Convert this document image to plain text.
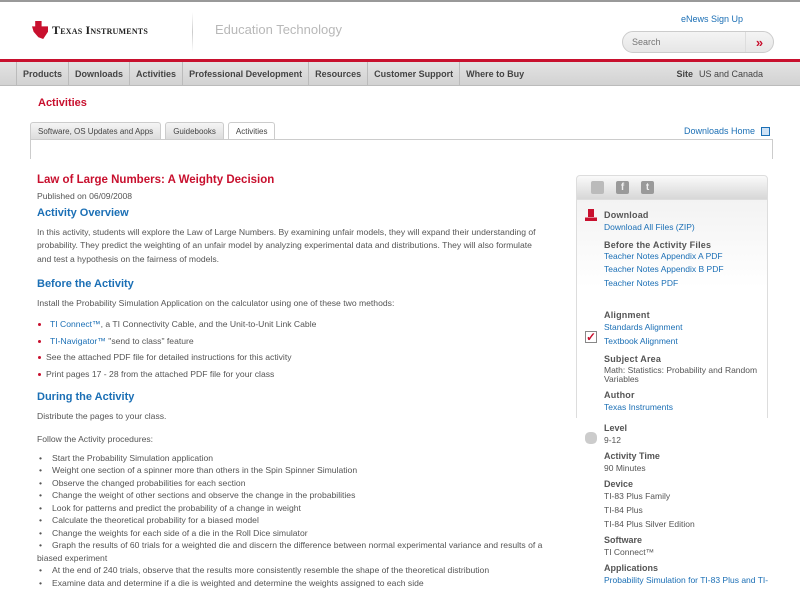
Texas Instruments	Education Technology
eNews Sign Up
Search
»
Products	Downloads	Activities	Professional Development	Resources	Customer Support	Where to Buy	Site US and Canada
Activities
Software, OS Updates and Apps	Guidebooks	Activities	Downloads Home
Law of Large Numbers: A Weighty Decision

Published on 06/09/2008

Activity Overview

In this activity, students will explore the Law of Large Numbers. By examining unfair models, they will expand their understanding of probability. They predict the weighting of an unfair model by analyzing experimental data and distributions. They will also formulate and test a hypothesis on the fairness of models.

Before the Activity

Install the Probability Simulation Application on the calculator using one of these two methods:

TI Connect™, a TI Connectivity Cable, and the Unit-to-Unit Link Cable
TI-Navigator™ "send to class" feature
See the attached PDF file for detailed instructions for this activity
Print pages 17 - 28 from the attached PDF file for your class
During the Activity

Distribute the pages to your class.

Follow the Activity procedures:

• Start the Probability Simulation application
• Weight one section of a spinner more than others in the Spin Spinner Simulation
• Observe the changed probabilities for each section
• Change the weight of other sections and observe the change in the probabilities
• Look for patterns and predict the probability of a change in weight
• Calculate the theoretical probability for a biased model
• Change the weights for each side of a die in the Roll Dice simulator
• Graph the results of 60 trials for a weighted die and discern the difference between normal experimental variance and results of a biased experiment
• At the end of 240 trials, observe that the results more consistently resemble the shape of the theoretical distribution
• Examine data and determine if a die is weighted and determine the weights assigned to each side
f	t
Download
Download All Files (ZIP)
Before the Activity Files
Teacher Notes Appendix A PDF
Teacher Notes Appendix B PDF
Teacher Notes PDF
✓
Alignment
Standards Alignment
Textbook Alignment
Subject Area
Math: Statistics: Probability and Random Variables
Author
Texas Instruments
Level
9-12
Activity Time
90 Minutes
Device
TI-83 Plus Family
TI-84 Plus
TI-84 Plus Silver Edition
Software
TI Connect™
Applications
Probability Simulation for TI-83 Plus and TI-
